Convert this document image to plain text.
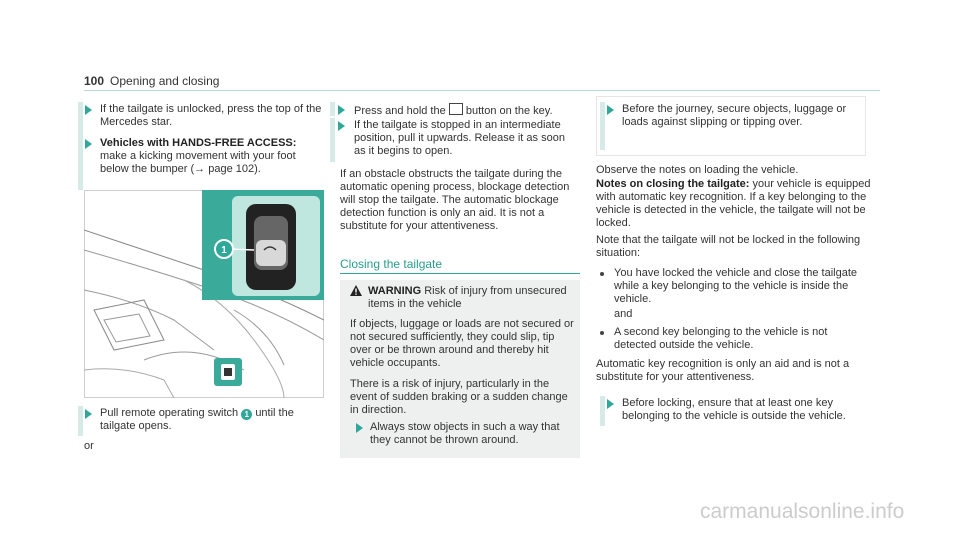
100 Opening and closing
If the tailgate is unlocked, press the top of the Mercedes star.
Vehicles with HANDS-FREE ACCESS: make a kicking movement with your foot below the bumper (→ page 102).
1
Pull remote operating switch 1 until the tailgate opens.
or
Press and hold the button on the key.
If the tailgate is stopped in an intermediate position, pull it upwards. Release it as soon as it begins to open.
If an obstacle obstructs the tailgate during the automatic opening process, blockage detection will stop the tailgate. The automatic blockage detection function is only an aid. It is not a substitute for your attentiveness.
Closing the tailgate
WARNING Risk of injury from unsecured items in the vehicle
If objects, luggage or loads are not secured or not secured sufficiently, they could slip, tip over or be thrown around and thereby hit vehicle occupants.
There is a risk of injury, particularly in the event of sudden braking or a sudden change in direction.
Always stow objects in such a way that they cannot be thrown around.
Before the journey, secure objects, luggage or loads against slipping or tipping over.
Observe the notes on loading the vehicle.
Notes on closing the tailgate: your vehicle is equipped with automatic key recognition. If a key belonging to the vehicle is detected in the vehicle, the tailgate will not be locked.
Note that the tailgate will not be locked in the following situation:
You have locked the vehicle and close the tailgate while a key belonging to the vehicle is inside the vehicle.
and
A second key belonging to the vehicle is not detected outside the vehicle.
Automatic key recognition is only an aid and is not a substitute for your attentiveness.
Before locking, ensure that at least one key belonging to the vehicle is outside the vehicle.
carmanualsonline.info
